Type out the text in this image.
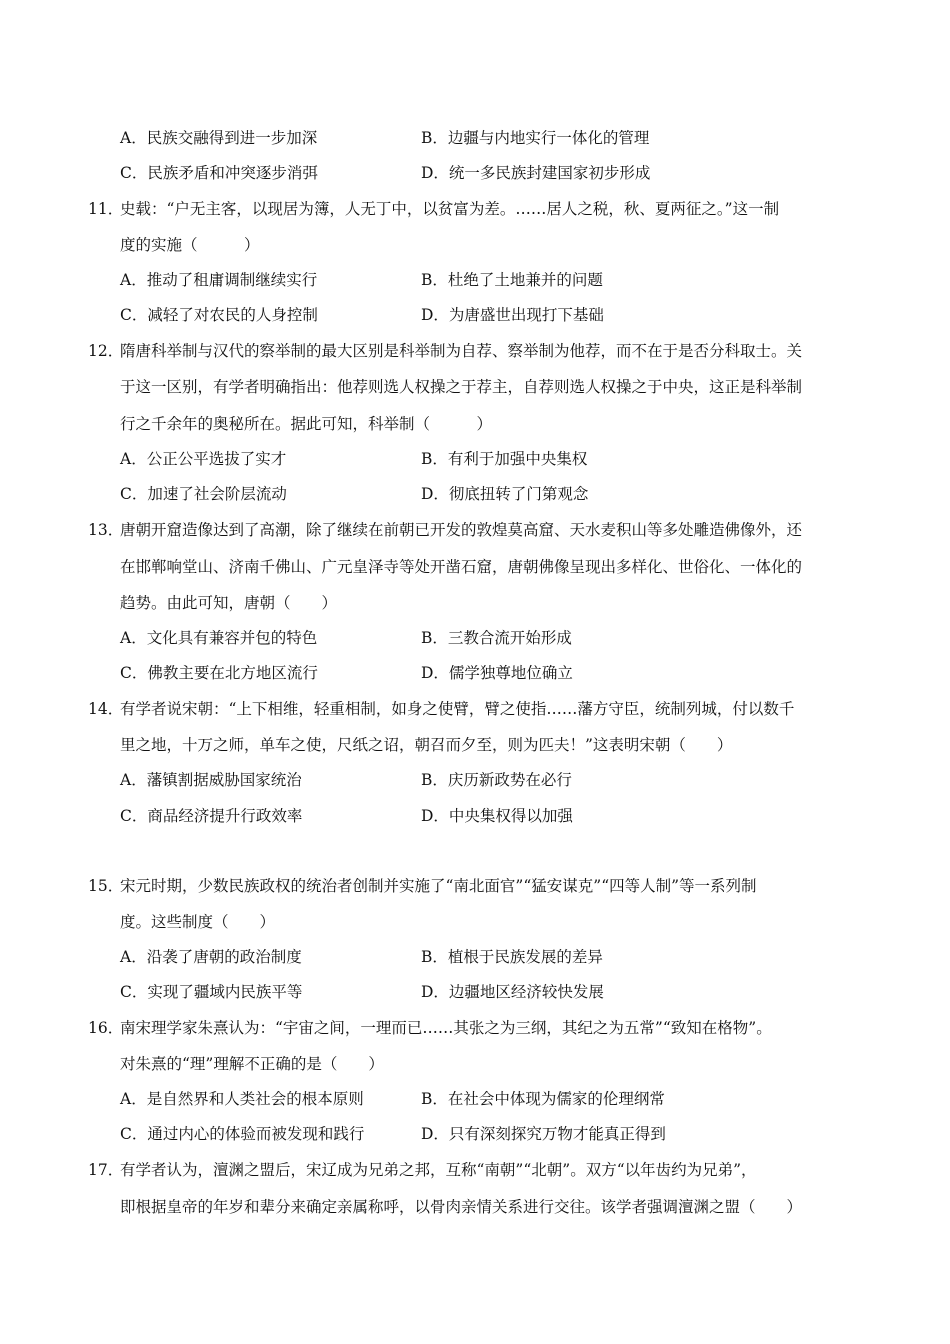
A．民族交融得到进一步加深	B．边疆与内地实行一体化的管理
C．民族矛盾和冲突逐步消弭	D．统一多民族封建国家初步形成
11．
史载：“户无主客，以现居为簿，人无丁中，以贫富为差。……居人之税，秋、夏两征之。”这一制
度的实施（　　　）
A．推动了租庸调制继续实行	B．杜绝了土地兼并的问题
C．减轻了对农民的人身控制	D．为唐盛世出现打下基础
12．
隋唐科举制与汉代的察举制的最大区别是科举制为自荐、察举制为他荐，而不在于是否分科取士。关
于这一区别，有学者明确指出：他荐则选人权操之于荐主，自荐则选人权操之于中央，这正是科举制
行之千余年的奥秘所在。据此可知，科举制（　　　）
A．公正公平选拔了实才	B．有利于加强中央集权
C．加速了社会阶层流动	D．彻底扭转了门第观念
13．
唐朝开窟造像达到了高潮，除了继续在前朝已开发的敦煌莫高窟、天水麦积山等多处雕造佛像外，还
在邯郸响堂山、济南千佛山、广元皇泽寺等处开凿石窟，唐朝佛像呈现出多样化、世俗化、一体化的
趋势。由此可知，唐朝（　　）
A．文化具有兼容并包的特色	B．三教合流开始形成
C．佛教主要在北方地区流行	D．儒学独尊地位确立
14．
有学者说宋朝：“上下相维，轻重相制，如身之使臂，臂之使指……藩方守臣，统制列城，付以数千
里之地，十万之师，单车之使，尺纸之诏，朝召而夕至，则为匹夫！”这表明宋朝（　　）
A．藩镇割据威胁国家统治	B．庆历新政势在必行
C．商品经济提升行政效率	D．中央集权得以加强
15．
宋元时期，少数民族政权的统治者创制并实施了“南北面官”“猛安谋克”“四等人制”等一系列制
度。这些制度（　　）
A．沿袭了唐朝的政治制度	B．植根于民族发展的差异
C．实现了疆域内民族平等	D．边疆地区经济较快发展
16．
南宋理学家朱熹认为：“宇宙之间，一理而已……其张之为三纲，其纪之为五常”“致知在格物”。
对朱熹的“理”理解不正确的是（　　）
A．是自然界和人类社会的根本原则	B．在社会中体现为儒家的伦理纲常
C．通过内心的体验而被发现和践行	D．只有深刻探究万物才能真正得到
17．
有学者认为，澶渊之盟后，宋辽成为兄弟之邦，互称“南朝”“北朝”。双方“以年齿约为兄弟”，
即根据皇帝的年岁和辈分来确定亲属称呼，以骨肉亲情关系进行交往。该学者强调澶渊之盟（　　）
